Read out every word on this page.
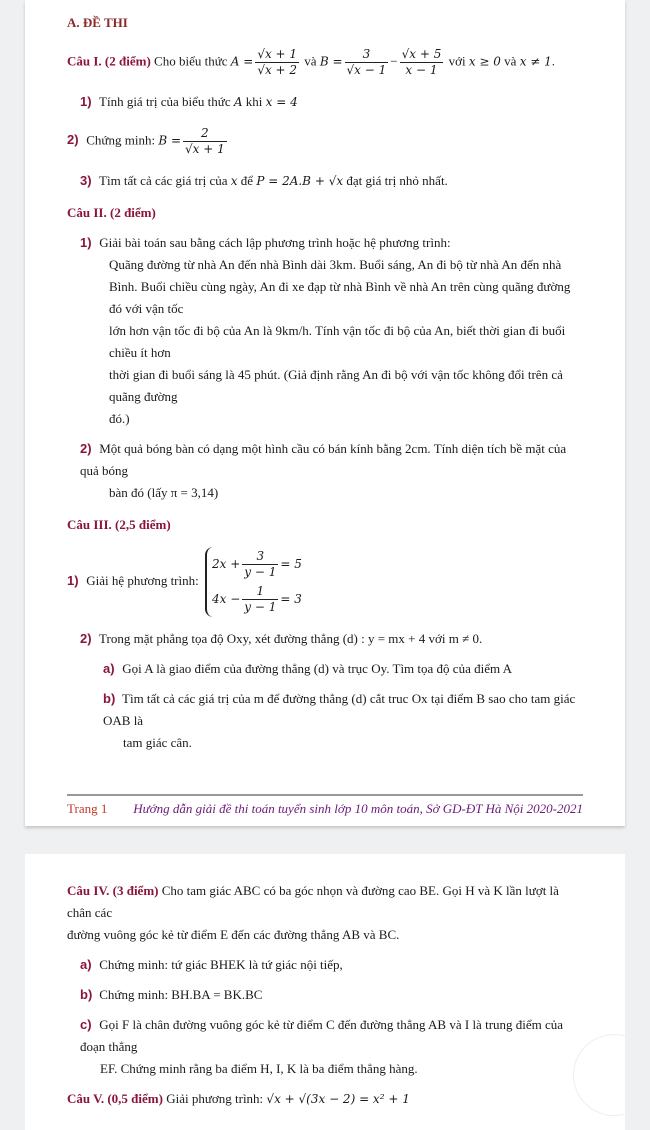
A. ĐỀ THI
Câu I. (2 điểm) Cho biểu thức $A = \frac{√x + 1}{√x + 2}$ và $B = \frac{3}{√x - 1} - \frac{√x + 5}{x - 1}$ với x ≥ 0 và x ≠ 1.
1) Tính giá trị của biểu thức A khi x = 4
2) Chứng minh: $B = \frac{2}{√x + 1}$
3) Tìm tất cả các giá trị của x để P = 2A.B + √x đạt giá trị nhỏ nhất.
Câu II. (2 điểm)
1) Giải bài toán sau bằng cách lập phương trình hoặc hệ phương trình:
Quãng đường từ nhà An đến nhà Bình dài 3km. Buổi sáng, An đi bộ từ nhà An đến nhà
Bình. Buổi chiều cùng ngày, An đi xe đạp từ nhà Bình về nhà An trên cùng quãng đường đó với vận tốc
lớn hơn vận tốc đi bộ của An là 9km/h. Tính vận tốc đi bộ của An, biết thời gian đi buổi chiều ít hơn
thời gian đi buổi sáng là 45 phút. (Giả định rằng An đi bộ với vận tốc không đổi trên cả quãng đường
đó.)
2) Một quả bóng bàn có dạng một hình cầu có bán kính bằng 2cm. Tính diện tích bề mặt của quả bóng
bàn đó (lấy π = 3,14)
Câu III. (2,5 điểm)
1) Giải hệ phương trình:
$2x + \frac{3}{y - 1} = 5$
$4x - \frac{1}{y - 1} = 3$
2) Trong mặt phẳng tọa độ Oxy, xét đường thẳng (d) : y = mx + 4 với m ≠ 0.
a) Gọi A là giao điểm của đường thẳng (d) và trục Oy. Tìm tọa độ của điểm A
b) Tìm tất cả các giá trị của m để đường thẳng (d) cắt truc Ox tại điểm B sao cho tam giác OAB là
tam giác cân.
Trang 1 Hướng dẫn giải đề thi toán tuyển sinh lớp 10 môn toán, Sở GD-ĐT Hà Nội 2020-2021
Câu IV. (3 điểm) Cho tam giác ABC có ba góc nhọn và đường cao BE. Gọi H và K lần lượt là chân các
đường vuông góc kẻ từ điểm E đến các đường thẳng AB và BC.
a) Chứng minh: tứ giác BHEK là tứ giác nội tiếp,
b) Chứng minh: BH.BA = BK.BC
c) Gọi F là chân đường vuông góc kẻ từ điểm C đến đường thẳng AB và I là trung điểm của đoạn thẳng
EF. Chứng minh rằng ba điểm H, I, K là ba điểm thẳng hàng.
Câu V. (0,5 điểm) Giải phương trình: √x + √(3x − 2) = x² + 1
